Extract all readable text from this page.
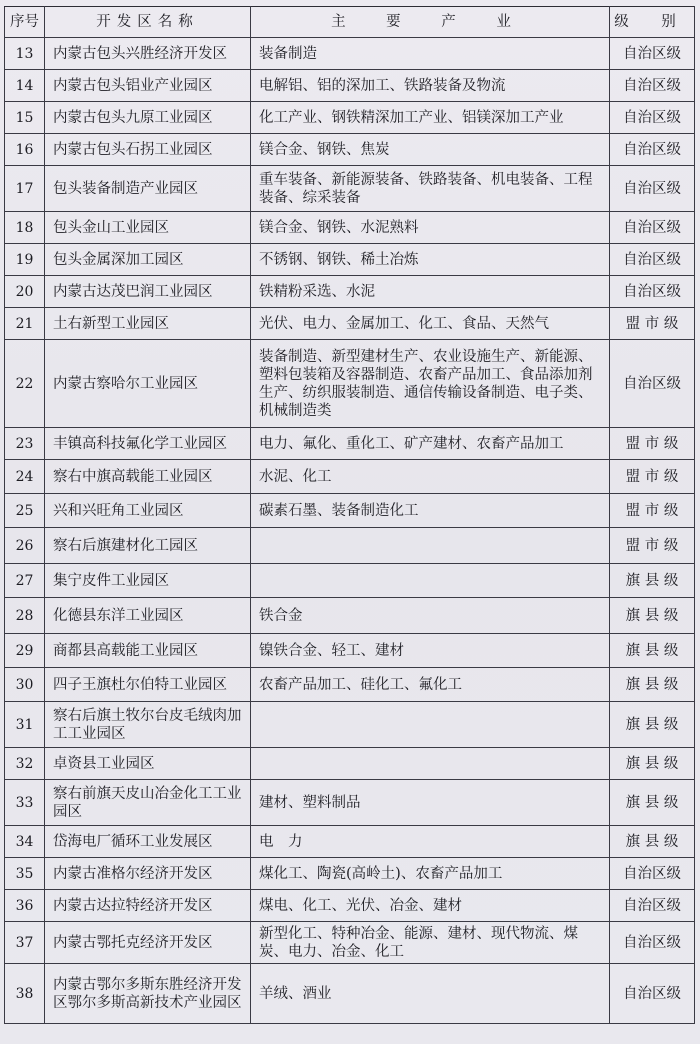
序号	开发区名称	主 要 产 业	级 别
13	内蒙古包头兴胜经济开发区	装备制造	自治区级
14	内蒙古包头铝业产业园区	电解铝、铝的深加工、铁路装备及物流	自治区级
15	内蒙古包头九原工业园区	化工产业、钢铁精深加工产业、铝镁深加工产业	自治区级
16	内蒙古包头石拐工业园区	镁合金、钢铁、焦炭	自治区级
17	包头装备制造产业园区	重车装备、新能源装备、铁路装备、机电装备、工程装备、综采装备	自治区级
18	包头金山工业园区	镁合金、钢铁、水泥熟料	自治区级
19	包头金属深加工园区	不锈钢、钢铁、稀土冶炼	自治区级
20	内蒙古达茂巴润工业园区	铁精粉采选、水泥	自治区级
21	土右新型工业园区	光伏、电力、金属加工、化工、食品、天然气	盟 市 级
22	内蒙古察哈尔工业园区	装备制造、新型建材生产、农业设施生产、新能源、塑料包装箱及容器制造、农畜产品加工、食品添加剂生产、纺织服装制造、通信传输设备制造、电子类、机械制造类	自治区级
23	丰镇高科技氟化学工业园区	电力、氟化、重化工、矿产建材、农畜产品加工	盟 市 级
24	察右中旗高载能工业园区	水泥、化工	盟 市 级
25	兴和兴旺角工业园区	碳素石墨、装备制造化工	盟 市 级
26	察右后旗建材化工园区		盟 市 级
27	集宁皮件工业园区		旗 县 级
28	化德县东洋工业园区	铁合金	旗 县 级
29	商都县高载能工业园区	镍铁合金、轻工、建材	旗 县 级
30	四子王旗杜尔伯特工业园区	农畜产品加工、硅化工、氟化工	旗 县 级
31	察右后旗土牧尔台皮毛绒肉加工工业园区		旗 县 级
32	卓资县工业园区		旗 县 级
33	察右前旗天皮山冶金化工工业园区	建材、塑料制品	旗 县 级
34	岱海电厂循环工业发展区	电　力	旗 县 级
35	内蒙古准格尔经济开发区	煤化工、陶瓷(高岭土)、农畜产品加工	自治区级
36	内蒙古达拉特经济开发区	煤电、化工、光伏、冶金、建材	自治区级
37	内蒙古鄂托克经济开发区	新型化工、特种冶金、能源、建材、现代物流、煤炭、电力、冶金、化工	自治区级
38	内蒙古鄂尔多斯东胜经济开发区鄂尔多斯高新技术产业园区	羊绒、酒业	自治区级
